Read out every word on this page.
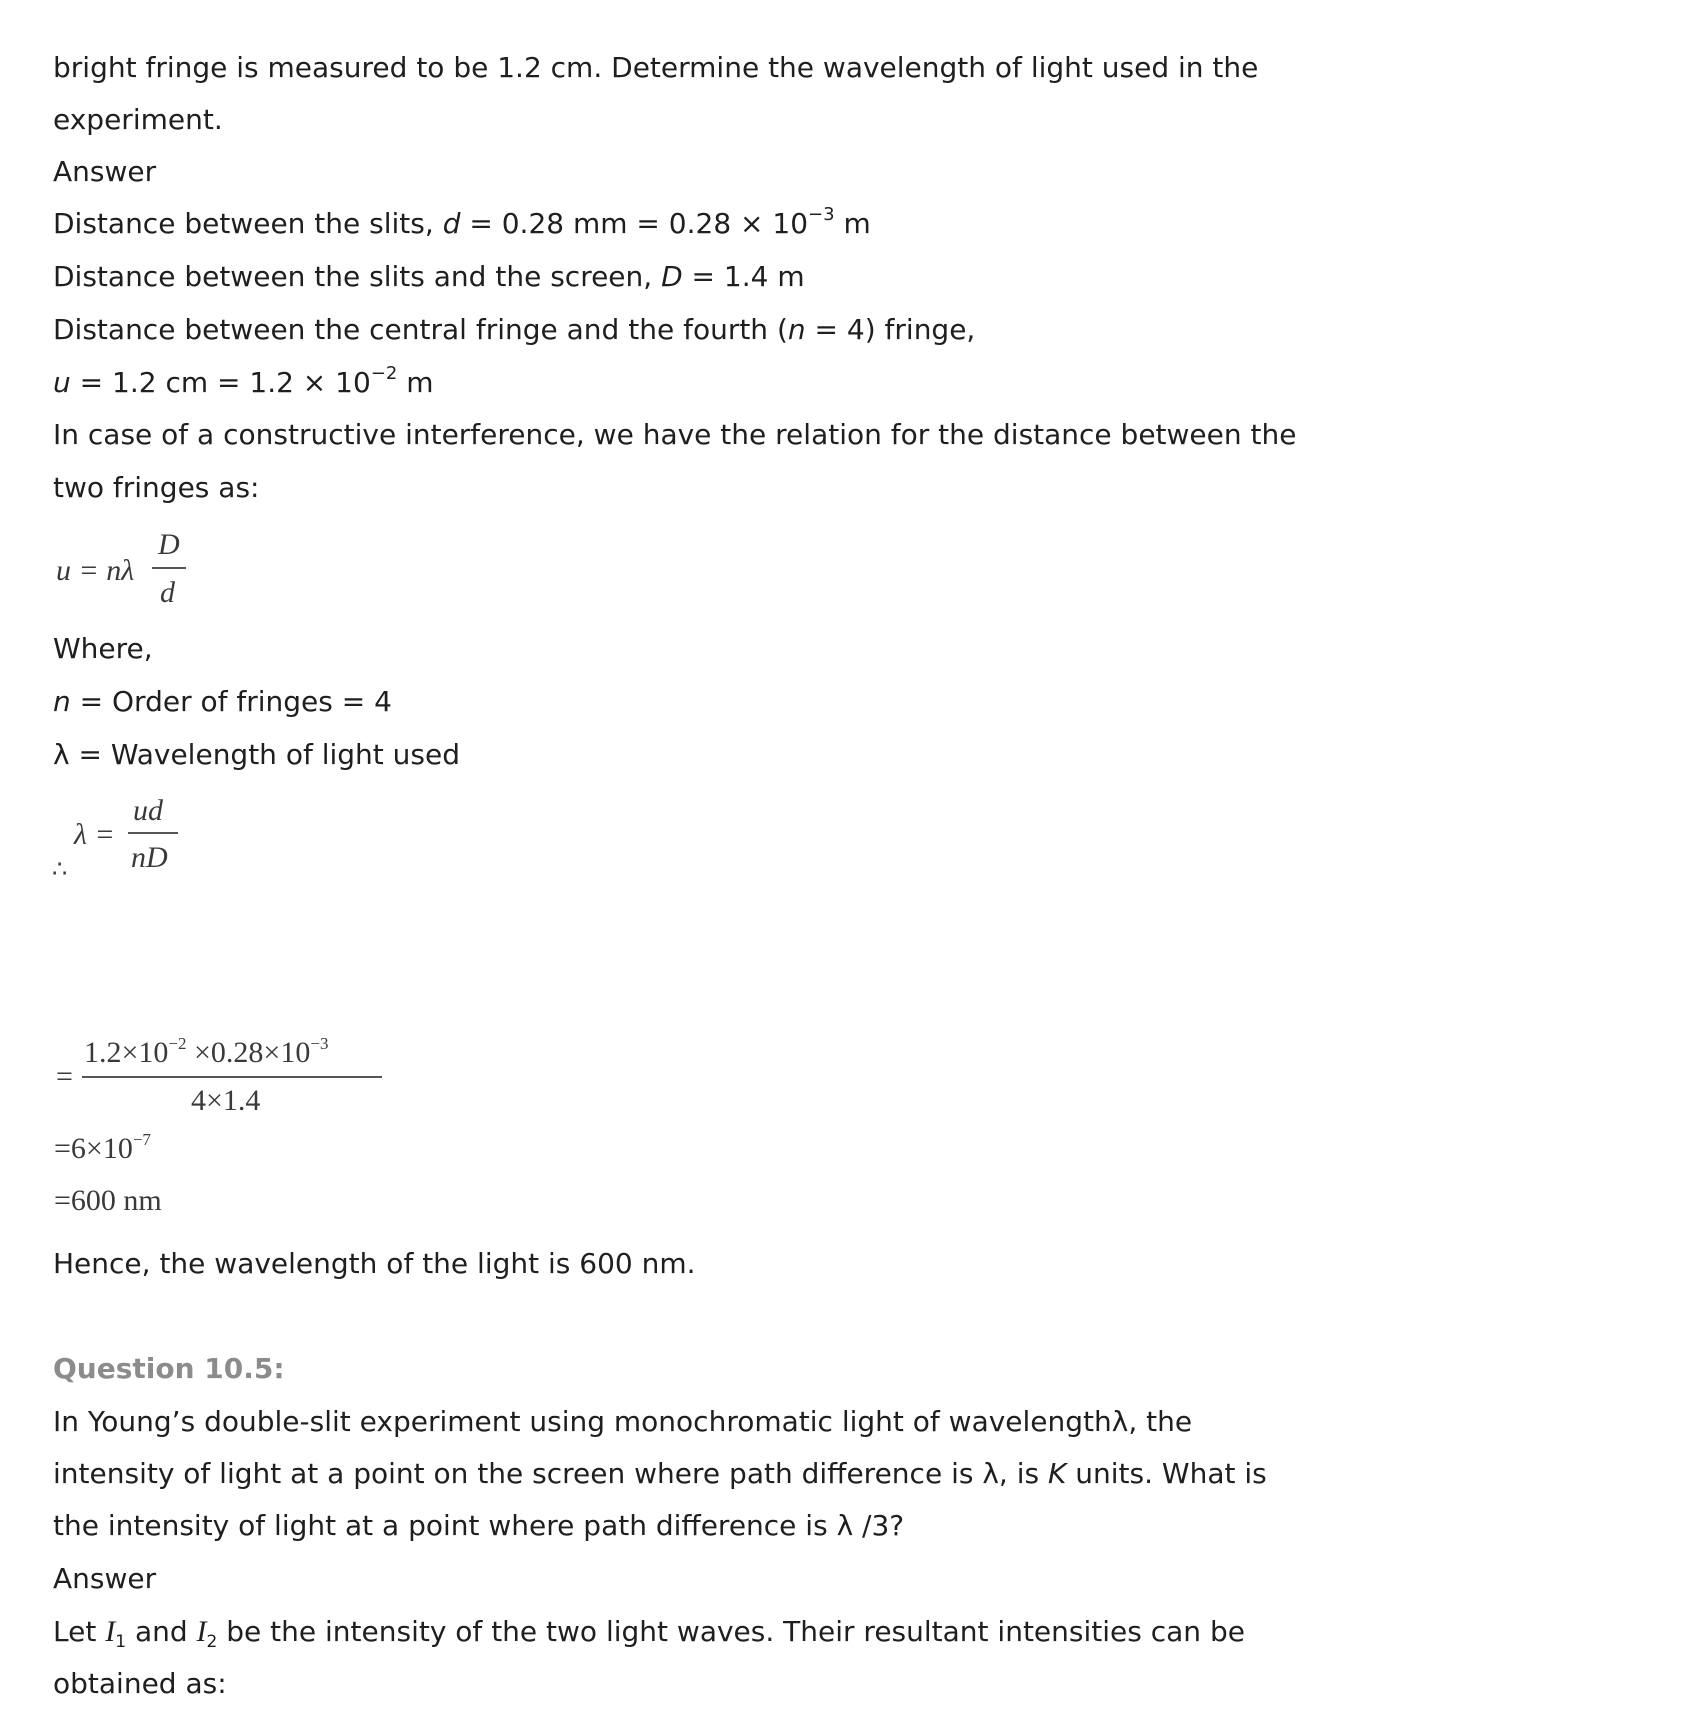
bright fringe is measured to be 1.2 cm. Determine the wavelength of light used in the
experiment.
Answer
Distance between the slits, d = 0.28 mm = $0.28 \times 10^{-3}$ m
Distance between the slits and the screen, D = 1.4 m
Distance between the central fringe and the fourth (n = 4) fringe,
u = 1.2 cm = $1.2 \times 10^{-2}$ m
In case of a constructive interference, we have the relation for the distance between the
two fringes as:
u = nλ
D
d
Where,
n = Order of fringes = 4
λ = Wavelength of light used
∴
λ =
ud
nD
=
$1.2\times 10^{-2} \times 0.28\times 10^{-3}$
4×1.4
$=6\times 10^{-7}$
=600 nm
Hence, the wavelength of the light is 600 nm.
Question 10.5:
In Young’s double-slit experiment using monochromatic light of wavelengthλ, the
intensity of light at a point on the screen where path difference is λ, is K units. What is
the intensity of light at a point where path difference is λ /3?
Answer
Let $I_1$ and $I_2$ be the intensity of the two light waves. Their resultant intensities can be
obtained as:
